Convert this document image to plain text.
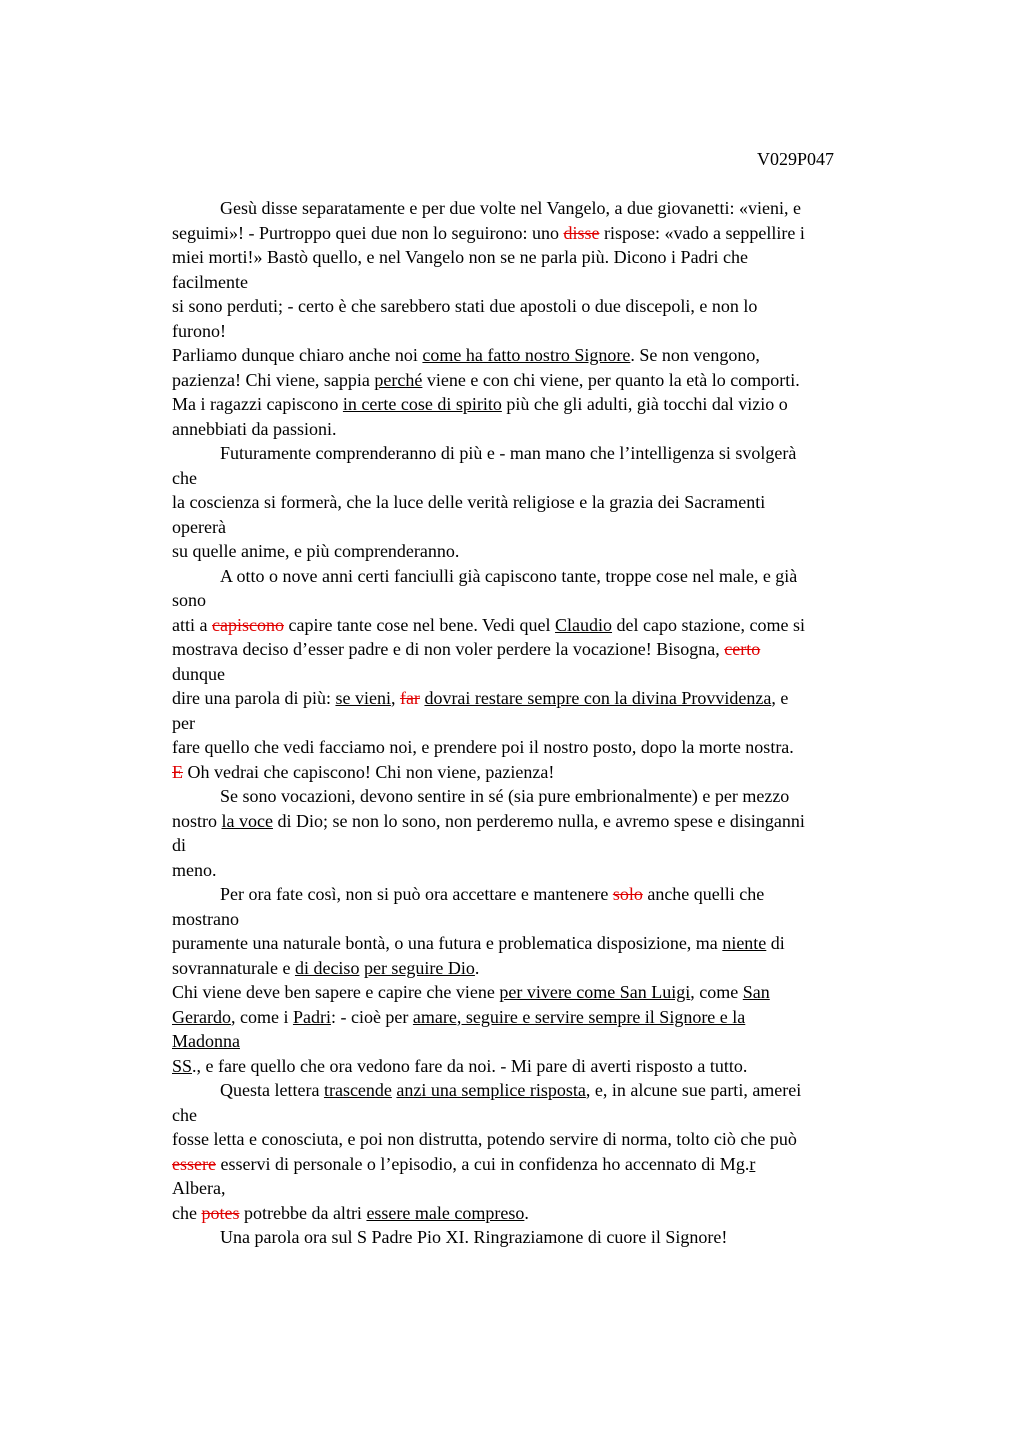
V029P047
Gesù disse separatamente e per due volte nel Vangelo, a due giovanetti: «vieni, e
seguimi»! - Purtroppo quei due non lo seguirono: uno disse rispose: «vado a seppellire i
miei morti!» Bastò quello, e nel Vangelo non se ne parla più. Dicono i Padri che
facilmente
si sono perduti; - certo è che sarebbero stati due apostoli o due discepoli, e non lo
furono!
Parliamo dunque chiaro anche noi come ha fatto nostro Signore. Se non vengono,
pazienza! Chi viene, sappia perché viene e con chi viene, per quanto la età lo comporti.
Ma i ragazzi capiscono in certe cose di spirito più che gli adulti, già tocchi dal vizio o
annebbiati da passioni.
Futuramente comprenderanno di più e - man mano che l’intelligenza si svolgerà
che
la coscienza si formerà, che la luce delle verità religiose e la grazia dei Sacramenti
opererà
su quelle anime, e più comprenderanno.
A otto o nove anni certi fanciulli già capiscono tante, troppe cose nel male, e già
sono
atti a capiscono capire tante cose nel bene. Vedi quel Claudio del capo stazione, come si
mostrava deciso d’esser padre e di non voler perdere la vocazione! Bisogna, certo
dunque
dire una parola di più: se vieni, far dovrai restare sempre con la divina Provvidenza, e
per
fare quello che vedi facciamo noi, e prendere poi il nostro posto, dopo la morte nostra.
E Oh vedrai che capiscono! Chi non viene, pazienza!
Se sono vocazioni, devono sentire in sé (sia pure embrionalmente) e per mezzo
nostro la voce di Dio; se non lo sono, non perderemo nulla, e avremo spese e disinganni
di
meno.
Per ora fate così, non si può ora accettare e mantenere solo anche quelli che
mostrano
puramente una naturale bontà, o una futura e problematica disposizione, ma niente di
sovrannaturale e di deciso per seguire Dio.
Chi viene deve ben sapere e capire che viene per vivere come San Luigi, come San
Gerardo, come i Padri: - cioè per amare, seguire e servire sempre il Signore e la
Madonna
SS., e fare quello che ora vedono fare da noi. - Mi pare di averti risposto a tutto.
Questa lettera trascende anzi una semplice risposta, e, in alcune sue parti, amerei
che
fosse letta e conosciuta, e poi non distrutta, potendo servire di norma, tolto ciò che può
essere esservi di personale o l’episodio, a cui in confidenza ho accennato di Mg.r
Albera,
che potes potrebbe da altri essere male compreso.
Una parola ora sul S Padre Pio XI. Ringraziamone di cuore il Signore!
